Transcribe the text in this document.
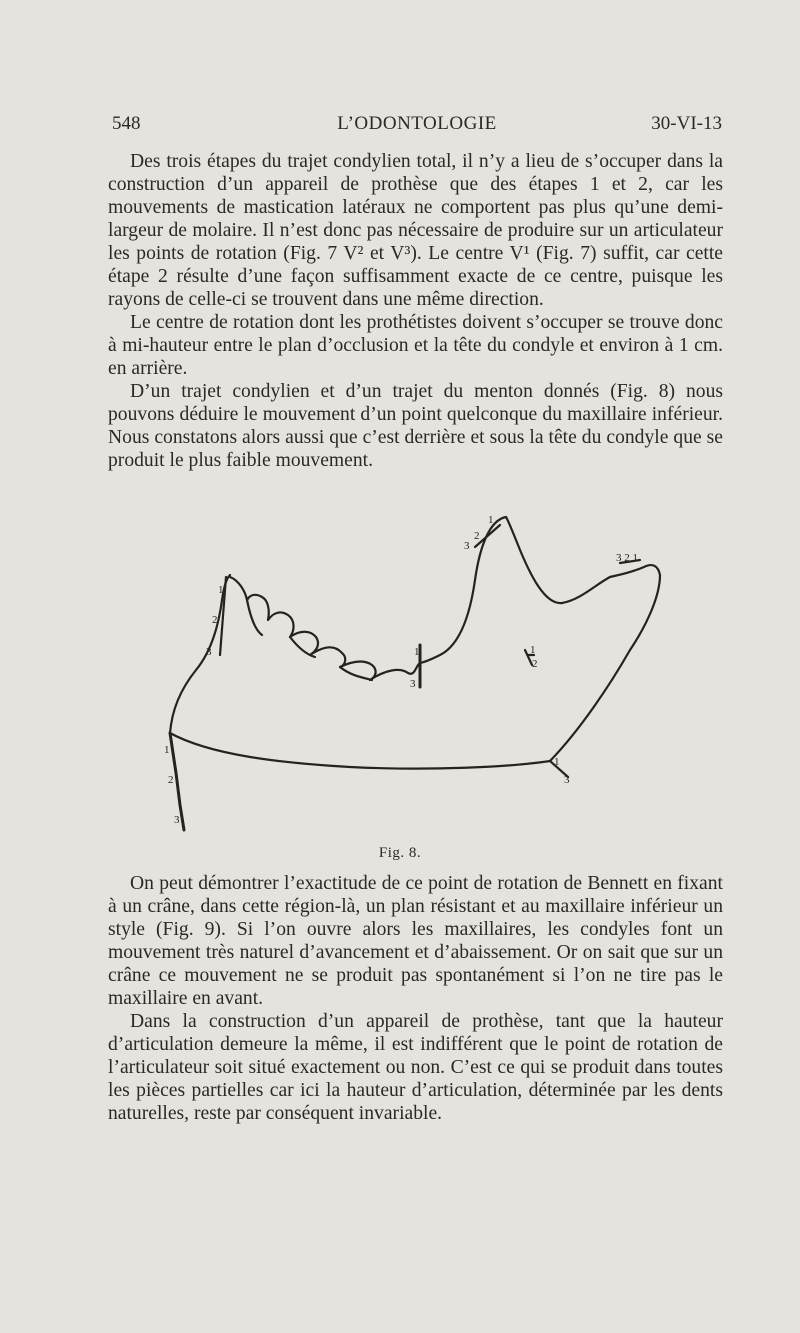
548	L’ODONTOLOGIE	30-VI-13

Des trois étapes du trajet condylien total, il n’y a lieu de s’occuper dans la construction d’un appareil de prothèse que des étapes 1 et 2, car les mouvements de mastication latéraux ne comportent pas plus qu’une demi-largeur de molaire. Il n’est donc pas nécessaire de produire sur un articulateur les points de rotation (Fig. 7 V² et V³). Le centre V¹ (Fig. 7) suffit, car cette étape 2 résulte d’une façon suffisamment exacte de ce centre, puisque les rayons de celle-ci se trouvent dans une même direction.

Le centre de rotation dont les prothétistes doivent s’occuper se trouve donc à mi-hauteur entre le plan d’occlusion et la tête du condyle et environ à 1 cm. en arrière.

D’un trajet condylien et d’un trajet du menton donnés (Fig. 8) nous pouvons déduire le mouvement d’un point quelconque du maxillaire inférieur. Nous constatons alors aussi que c’est derrière et sous la tête du condyle que se produit le plus faible mouvement.

1
2
3
1
2
3
1
3
1
2
3
1
2
1
3
3 2 1
Fig. 8.

On peut démontrer l’exactitude de ce point de rotation de Bennett en fixant à un crâne, dans cette région-là, un plan résistant et au maxillaire inférieur un style (Fig. 9). Si l’on ouvre alors les maxillaires, les condyles font un mouvement très naturel d’avancement et d’abaissement. Or on sait que sur un crâne ce mouvement ne se produit pas spontanément si l’on ne tire pas le maxillaire en avant.

Dans la construction d’un appareil de prothèse, tant que la hauteur d’articulation demeure la même, il est indifférent que le point de rotation de l’articulateur soit situé exactement ou non. C’est ce qui se produit dans toutes les pièces partielles car ici la hauteur d’articulation, déterminée par les dents naturelles, reste par conséquent invariable.
